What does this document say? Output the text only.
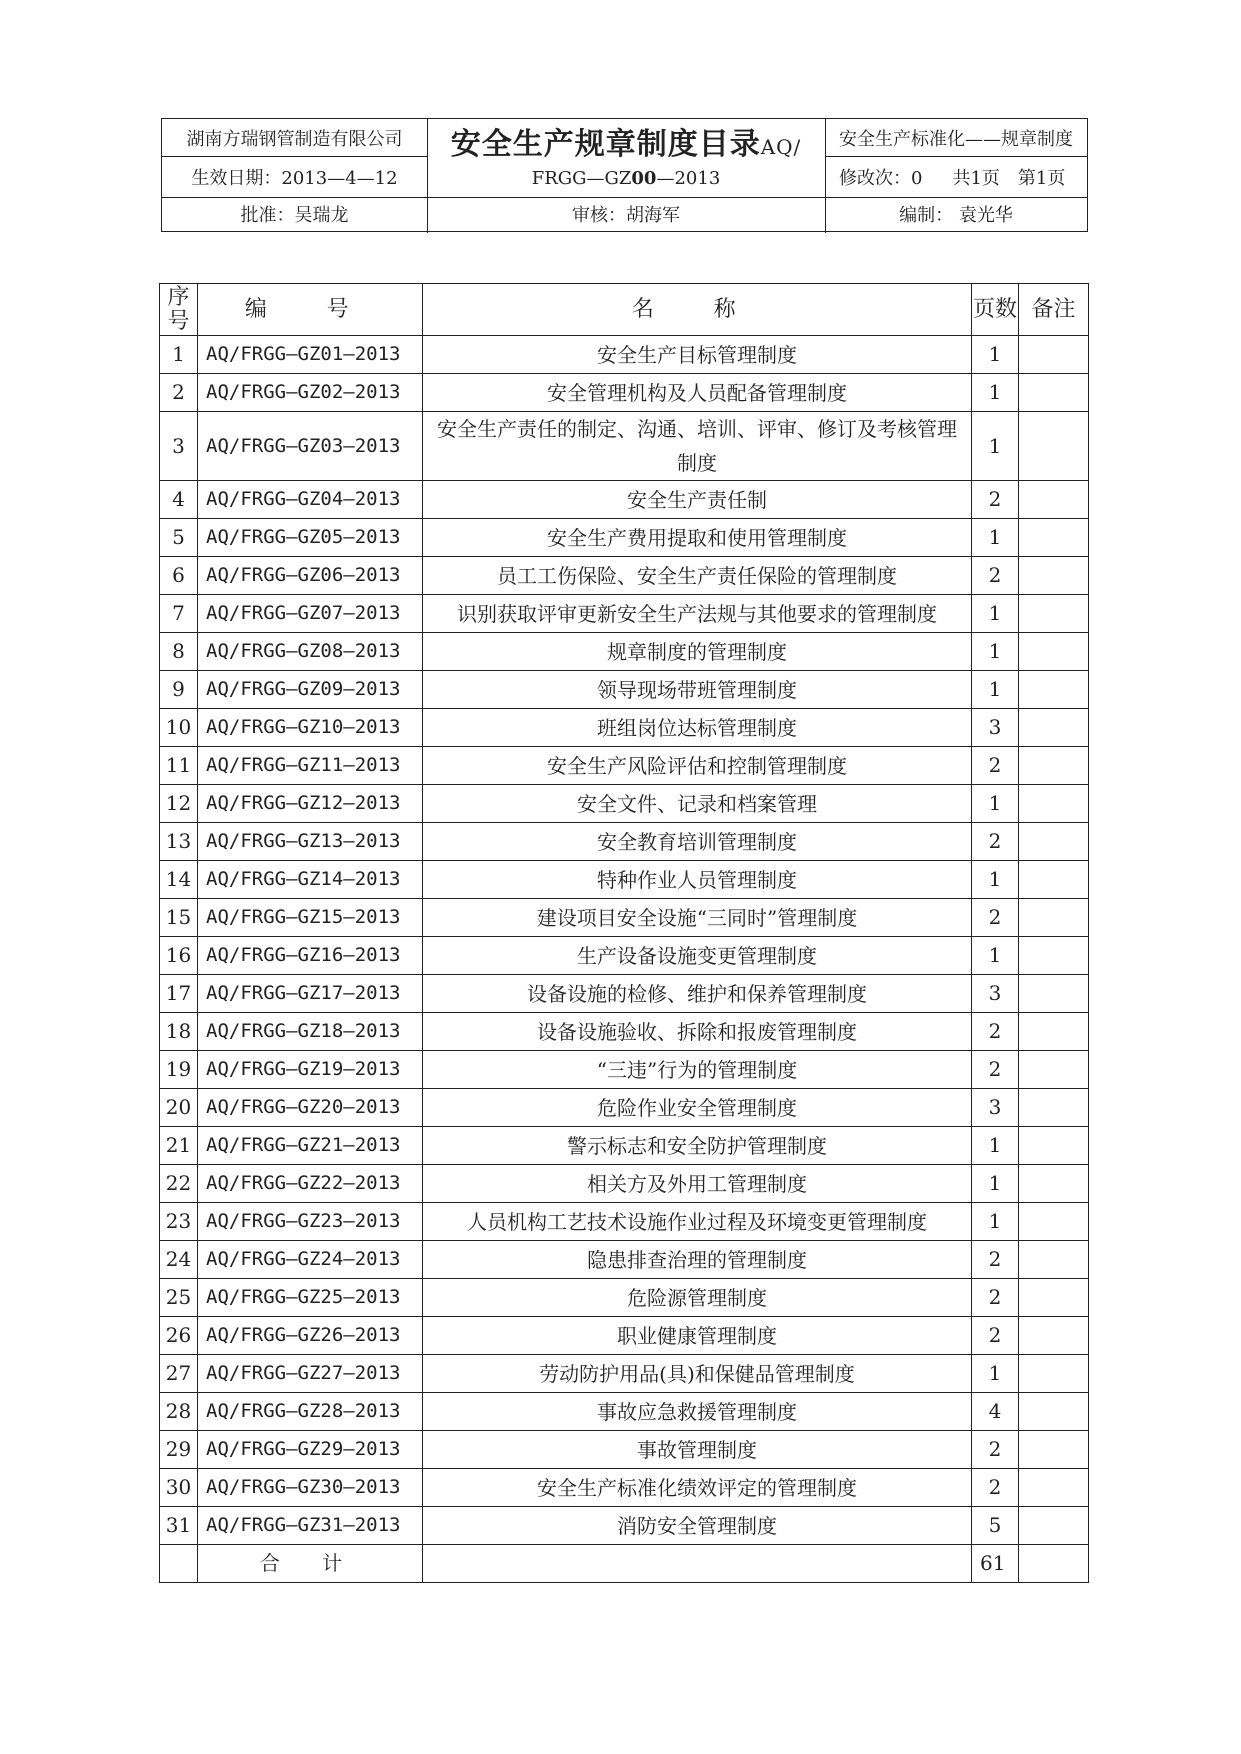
湖南方瑞钢管制造有限公司
生效日期：2013—4—12
安全生产规章制度目录AQ/
FRGG—GZ 00 —2013
安全生产标准化——规章制度
修改次：0 共1页 第1页
批准：吴瑞龙	审核：胡海军	编制： 袁光华
序号	编 号	名 称	页数	备注
1	AQ/FRGG—GZ01—2013	安全生产目标管理制度	1	
2	AQ/FRGG—GZ02—2013	安全管理机构及人员配备管理制度	1	
3	AQ/FRGG—GZ03—2013	安全生产责任的制定、沟通、培训、评审、修订及考核管理制度	1	
4	AQ/FRGG—GZ04—2013	安全生产责任制	2	
5	AQ/FRGG—GZ05—2013	安全生产费用提取和使用管理制度	1	
6	AQ/FRGG—GZ06—2013	员工工伤保险、安全生产责任保险的管理制度	2	
7	AQ/FRGG—GZ07—2013	识别获取评审更新安全生产法规与其他要求的管理制度	1	
8	AQ/FRGG—GZ08—2013	规章制度的管理制度	1	
9	AQ/FRGG—GZ09—2013	领导现场带班管理制度	1	
10	AQ/FRGG—GZ10—2013	班组岗位达标管理制度	3	
11	AQ/FRGG—GZ11—2013	安全生产风险评估和控制管理制度	2	
12	AQ/FRGG—GZ12—2013	安全文件、记录和档案管理	1	
13	AQ/FRGG—GZ13—2013	安全教育培训管理制度	2	
14	AQ/FRGG—GZ14—2013	特种作业人员管理制度	1	
15	AQ/FRGG—GZ15—2013	建设项目安全设施“三同时”管理制度	2	
16	AQ/FRGG—GZ16—2013	生产设备设施变更管理制度	1	
17	AQ/FRGG—GZ17—2013	设备设施的检修、维护和保养管理制度	3	
18	AQ/FRGG—GZ18—2013	设备设施验收、拆除和报废管理制度	2	
19	AQ/FRGG—GZ19—2013	“三违”行为的管理制度	2	
20	AQ/FRGG—GZ20—2013	危险作业安全管理制度	3	
21	AQ/FRGG—GZ21—2013	警示标志和安全防护管理制度	1	
22	AQ/FRGG—GZ22—2013	相关方及外用工管理制度	1	
23	AQ/FRGG—GZ23—2013	人员机构工艺技术设施作业过程及环境变更管理制度	1	
24	AQ/FRGG—GZ24—2013	隐患排查治理的管理制度	2	
25	AQ/FRGG—GZ25—2013	危险源管理制度	2	
26	AQ/FRGG—GZ26—2013	职业健康管理制度	2	
27	AQ/FRGG—GZ27—2013	劳动防护用品(具)和保健品管理制度	1	
28	AQ/FRGG—GZ28—2013	事故应急救援管理制度	4	
29	AQ/FRGG—GZ29—2013	事故管理制度	2	
30	AQ/FRGG—GZ30—2013	安全生产标准化绩效评定的管理制度	2	
31	AQ/FRGG—GZ31—2013	消防安全管理制度	5	
	合 计		61	
